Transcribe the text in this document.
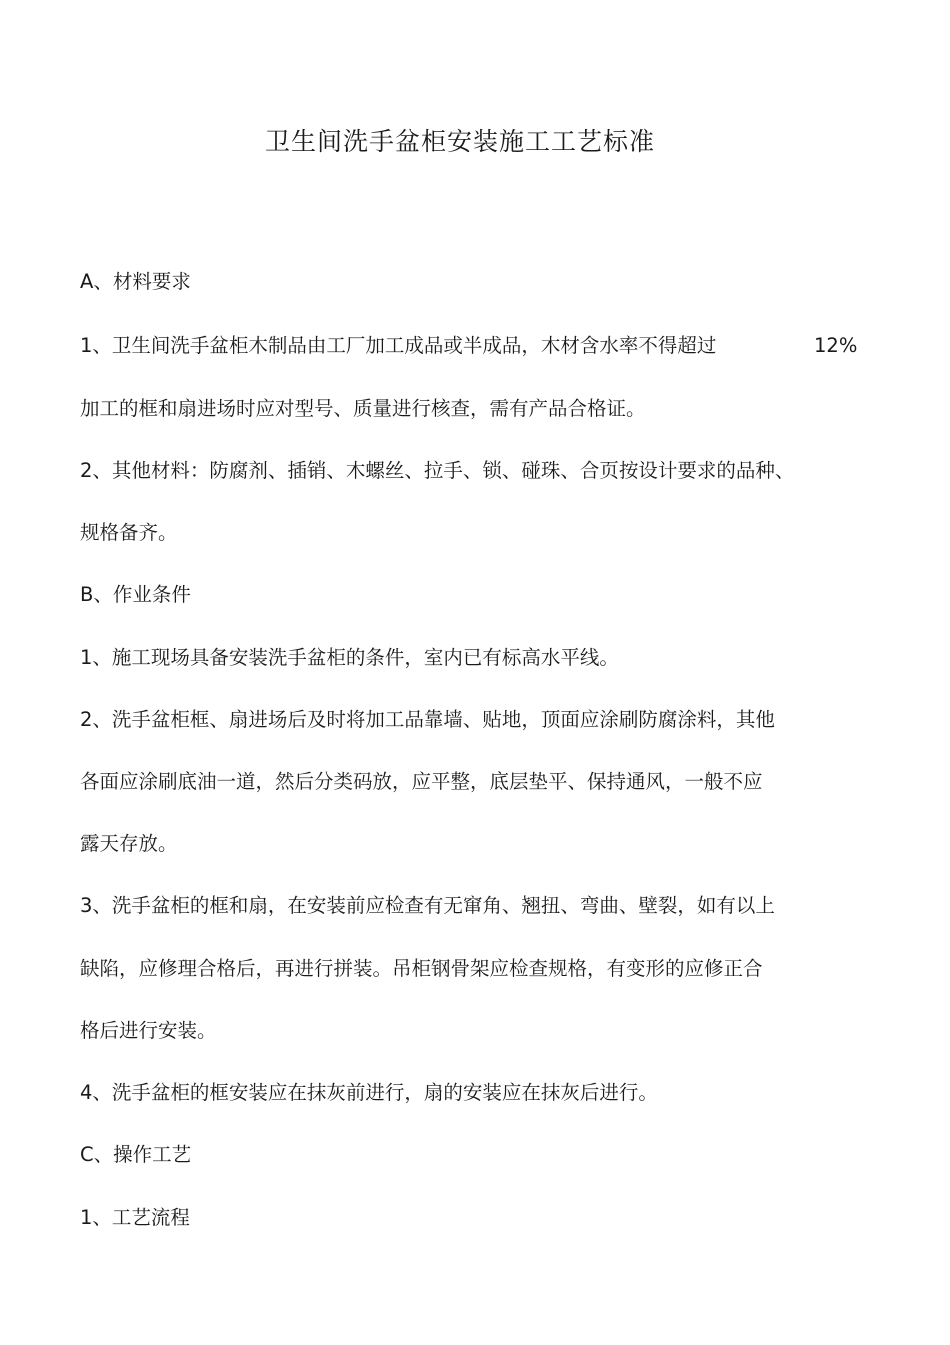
卫生间洗手盆柜安装施工工艺标准
A、材料要求
1、卫生间洗手盆柜木制品由工厂加工成品或半成品，木材含水率不得超过	12%
加工的框和扇进场时应对型号、质量进行核查，需有产品合格证。
2、其他材料：防腐剂、插销、木螺丝、拉手、锁、碰珠、合页按设计要求的品种、
规格备齐。
B、作业条件
1、施工现场具备安装洗手盆柜的条件，室内已有标高水平线。
2、洗手盆柜框、扇进场后及时将加工品靠墙、贴地，顶面应涂刷防腐涂料，其他
各面应涂刷底油一道，然后分类码放，应平整，底层垫平、保持通风，一般不应
露天存放。
3、洗手盆柜的框和扇，在安装前应检查有无窜角、翘扭、弯曲、壁裂，如有以上
缺陷，应修理合格后，再进行拼装。吊柜钢骨架应检查规格，有变形的应修正合
格后进行安装。
4、洗手盆柜的框安装应在抹灰前进行，扇的安装应在抹灰后进行。
C、操作工艺
1、工艺流程
